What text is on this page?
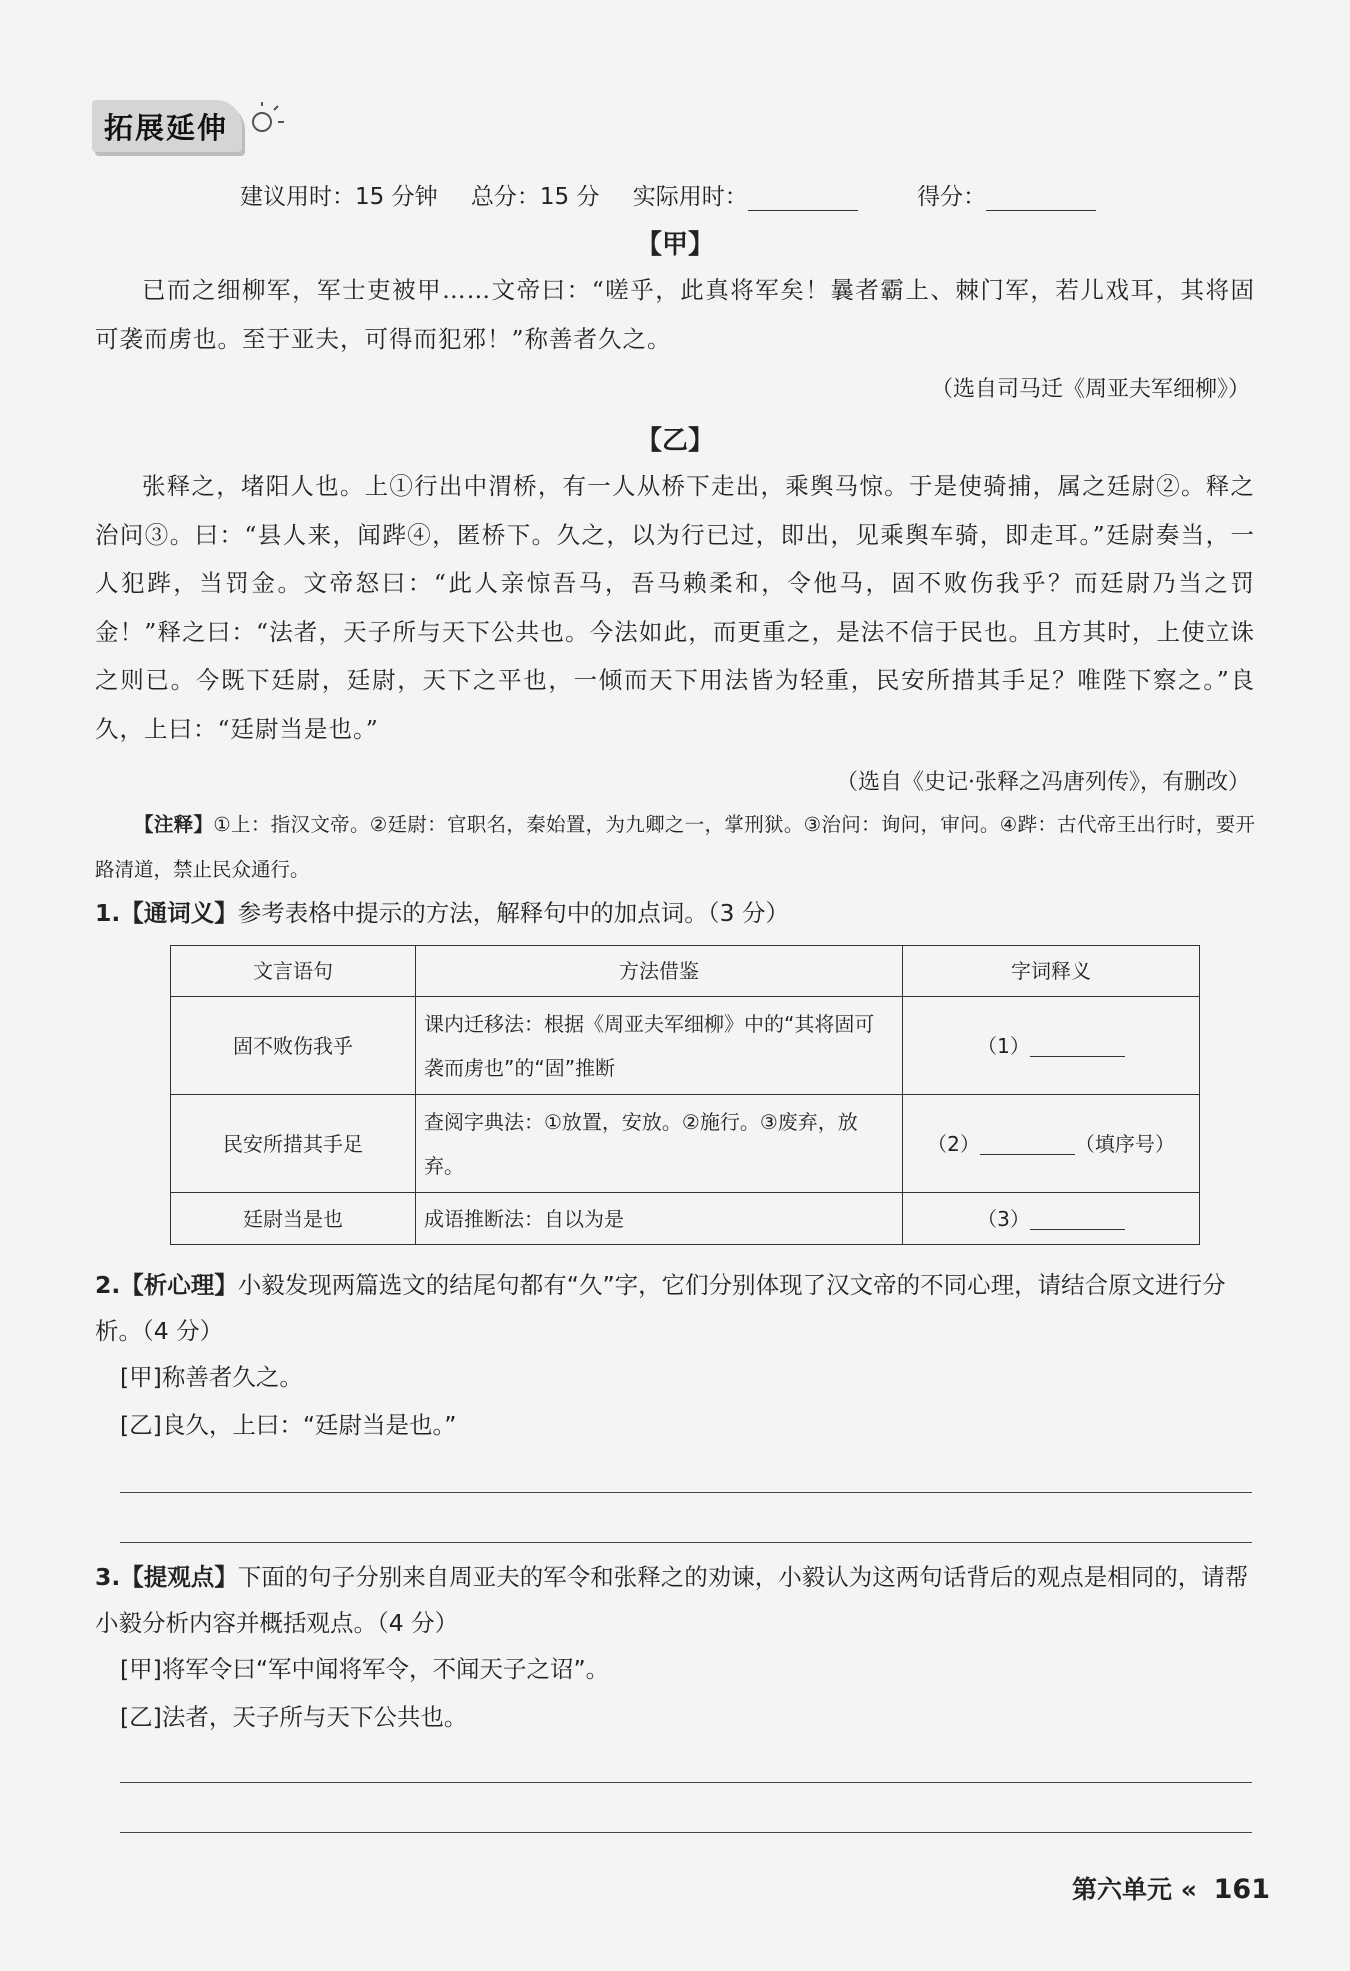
拓展延伸
建议用时：15 分钟 总分：15 分 实际用时：	得分：
【甲】
已而之细柳军，军士吏被甲……文帝曰：“嗟乎，此真将军矣！曩者霸上、棘门军，若儿戏耳，其将固可袭而虏也。至于亚夫，可得而犯邪！”称善者久之。
（选自司马迁《周亚夫军细柳》）
【乙】
张释之，堵阳人也。上①行出中渭桥，有一人从桥下走出，乘舆马惊。于是使骑捕，属之廷尉②。释之治问③。曰：“县人来，闻跸④，匿桥下。久之，以为行已过，即出，见乘舆车骑，即走耳。”廷尉奏当，一人犯跸，当罚金。文帝怒曰：“此人亲惊吾马，吾马赖柔和，令他马，固不败伤我乎？而廷尉乃当之罚金！”释之曰：“法者，天子所与天下公共也。今法如此，而更重之，是法不信于民也。且方其时，上使立诛之则已。今既下廷尉，廷尉，天下之平也，一倾而天下用法皆为轻重，民安所措其手足？唯陛下察之。”良久，上曰：“廷尉当是也。”
（选自《史记·张释之冯唐列传》，有删改）
【注释】①上：指汉文帝。②廷尉：官职名，秦始置，为九卿之一，掌刑狱。③治问：询问，审问。④跸：古代帝王出行时，要开路清道，禁止民众通行。
1.【通词义】参考表格中提示的方法，解释句中的加点词。（3 分）
文言语句	方法借鉴	字词释义
固不败伤我乎	课内迁移法：根据《周亚夫军细柳》中的“其将固可袭而虏也”的“固”推断	（1）
民安所措其手足	查阅字典法：①放置，安放。②施行。③废弃，放弃。	（2） （填序号）
廷尉当是也	成语推断法：自以为是	（3）
2.【析心理】小毅发现两篇选文的结尾句都有“久”字，它们分别体现了汉文帝的不同心理，请结合原文进行分析。（4 分）
[甲]称善者久之。
[乙]良久，上曰：“廷尉当是也。”
3.【提观点】下面的句子分别来自周亚夫的军令和张释之的劝谏，小毅认为这两句话背后的观点是相同的，请帮小毅分析内容并概括观点。（4 分）
[甲]将军令曰“军中闻将军令，不闻天子之诏”。
[乙]法者，天子所与天下公共也。
第六单元 « 161
